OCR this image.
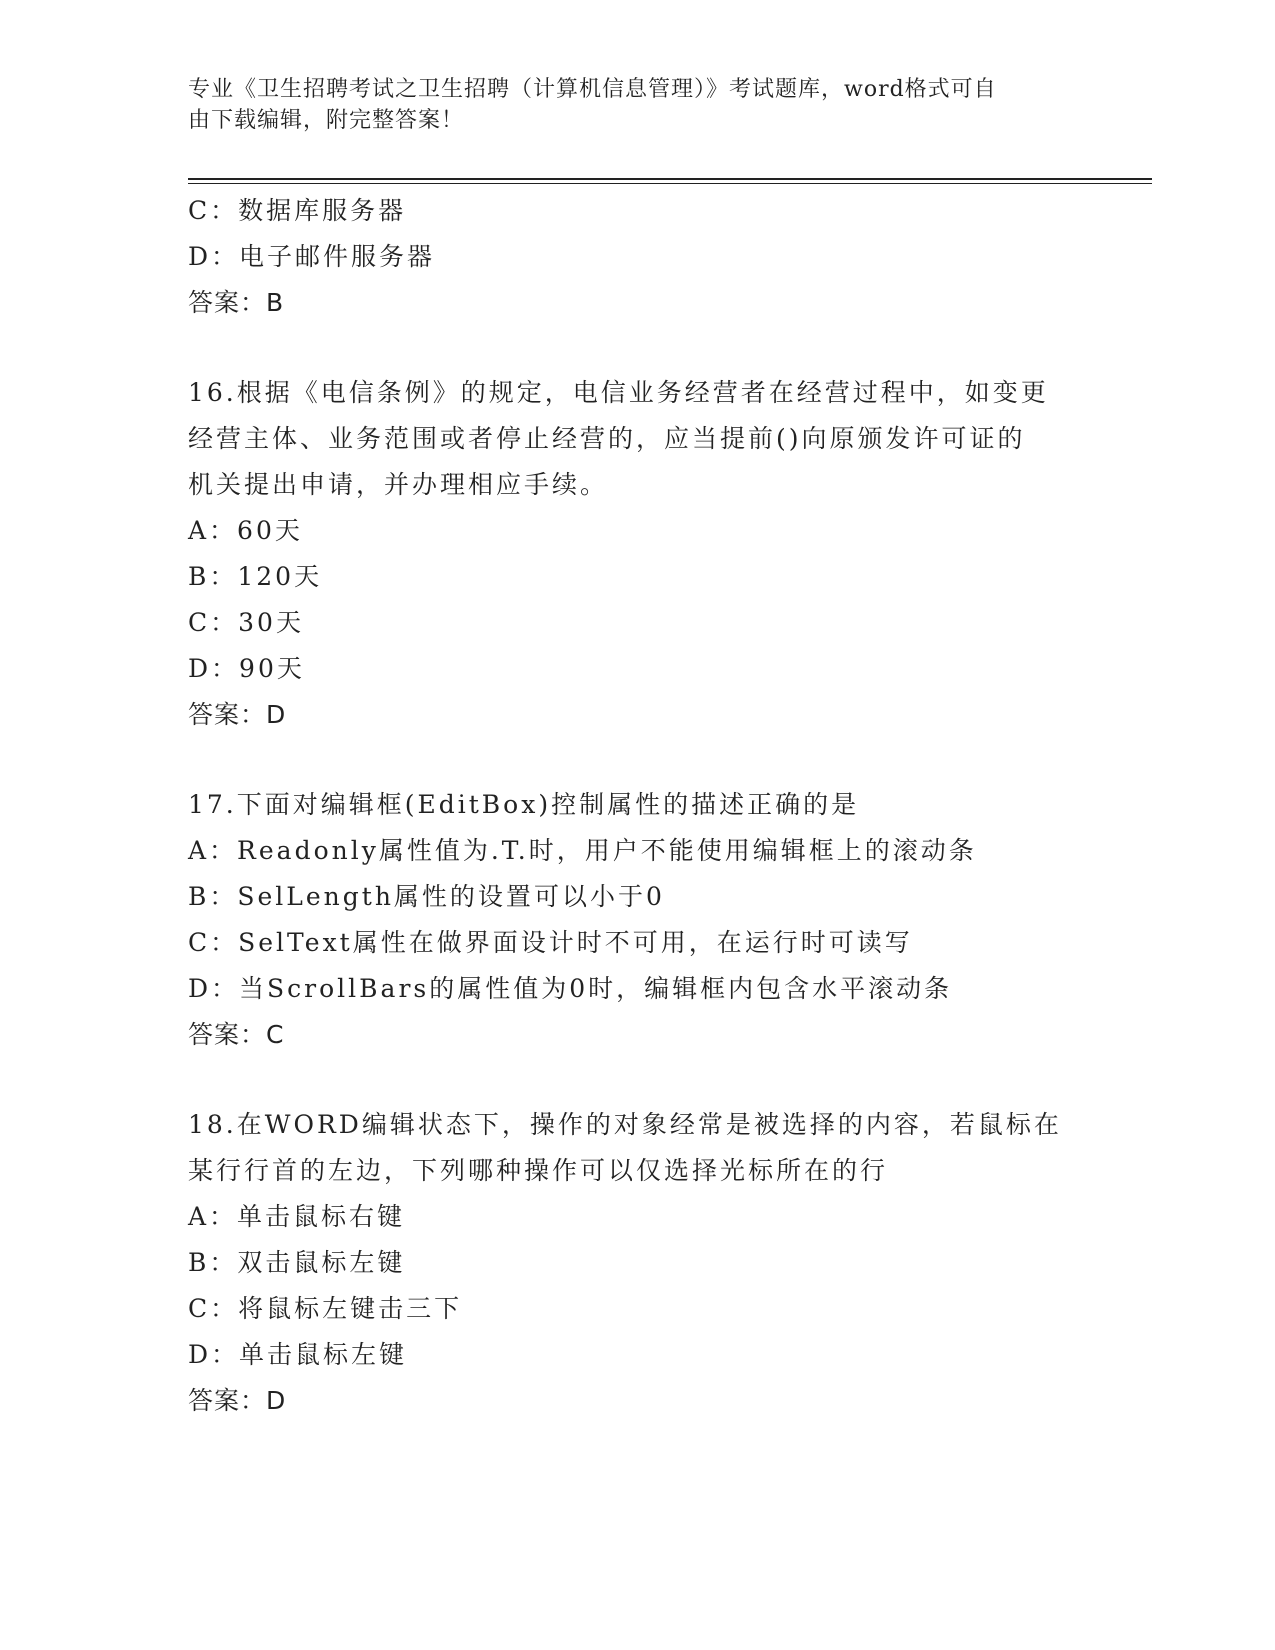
专业《卫生招聘考试之卫生招聘（计算机信息管理）》考试题库，word格式可自
由下载编辑，附完整答案！
C：数据库服务器
D：电子邮件服务器
答案：B
16.根据《电信条例》的规定，电信业务经营者在经营过程中，如变更
经营主体、业务范围或者停止经营的，应当提前()向原颁发许可证的
机关提出申请，并办理相应手续。
A：60天
B：120天
C：30天
D：90天
答案：D
17.下面对编辑框(EditBox)控制属性的描述正确的是
A：Readonly属性值为.T.时，用户不能使用编辑框上的滚动条
B：SelLength属性的设置可以小于0
C：SelText属性在做界面设计时不可用，在运行时可读写
D：当ScrollBars的属性值为0时，编辑框内包含水平滚动条
答案：C
18.在WORD编辑状态下，操作的对象经常是被选择的内容，若鼠标在
某行行首的左边，下列哪种操作可以仅选择光标所在的行
A：单击鼠标右键
B：双击鼠标左键
C：将鼠标左键击三下
D：单击鼠标左键
答案：D
